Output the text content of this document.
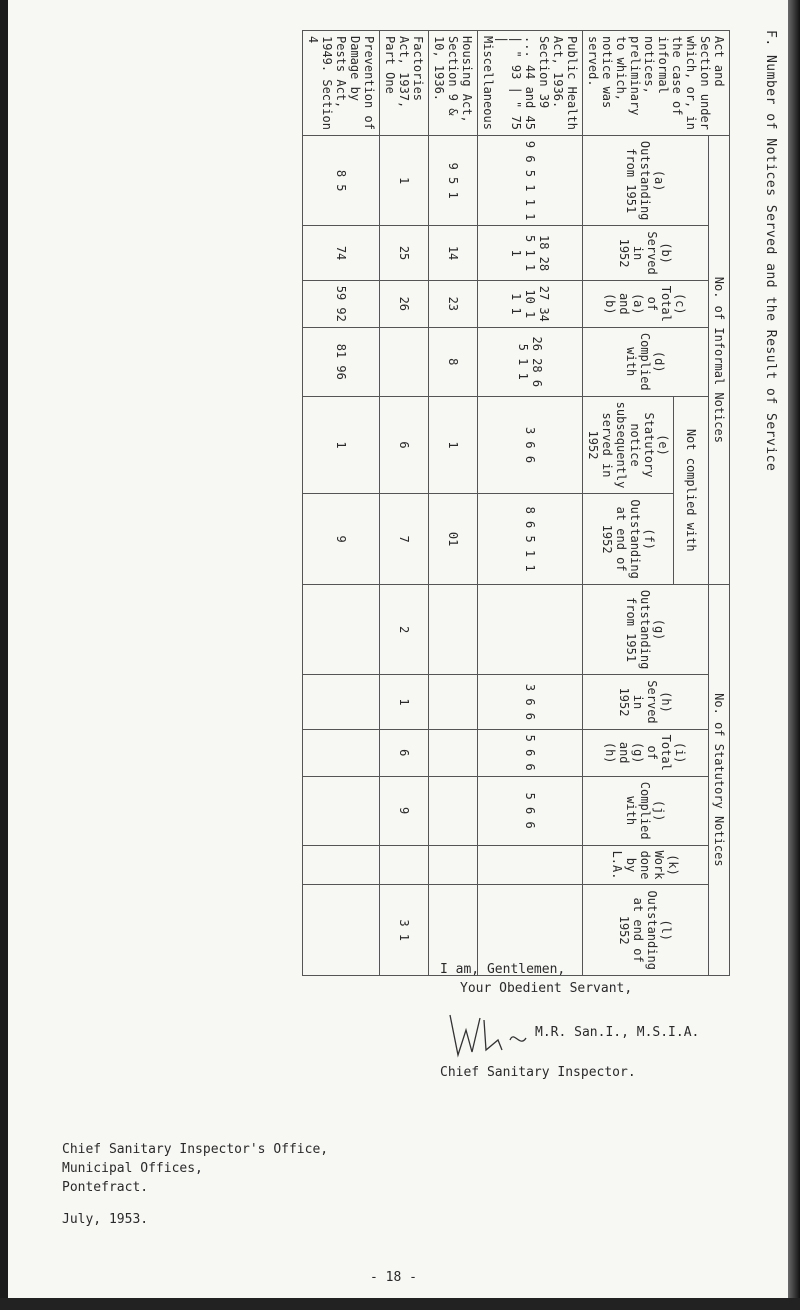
F. Number of Notices Served and the Result of Service
Act and Section under which, or, in the case of informal notices, preliminary to which, notice was served.	No. of Informal Notices						No. of Statutory Notices					
	(a) Outstanding from 1951	(b) Served in 1952	(c) Total of (a) and (b)	(d) Complied with	Not complied with		(g) Outstanding from 1951	(h) Served in 1952	(i) Total of (g) and (h)	(j) Complied with	(k) Work done by L.A.	(l) Outstanding at end of 1952
					(e) Statutory notice subsequently served in 1952	(f) Outstanding at end of 1952						
Public Health Act, 1936. Section 39 ... 44 and 45 | " 93 | " 75 | Miscellaneous	9 6 5 1 1 1	18 28 5 1 1 1	27 34 10 1 1 1	26 28 6 5 1 1	3 6 6	8 6 5 1 1		3 6 6	5 6 6	5 6 6		
Housing Act, Section 9 & 10, 1936.	9 5 1	14	23	8	1	01						
Factories Act, 1937, Part One	1	25	26		6	7	2	1	6	9		3 1
Prevention of Damage by Pests Act, 1949. Section 4	8 5	74	59 92	81 96	1	9						
I am, Gentlemen,
Your Obedient Servant,
M.R. San.I., M.S.I.A.
Chief Sanitary Inspector.
Chief Sanitary Inspector's Office,
Municipal Offices,
Pontefract.
July, 1953.
- 18 -
